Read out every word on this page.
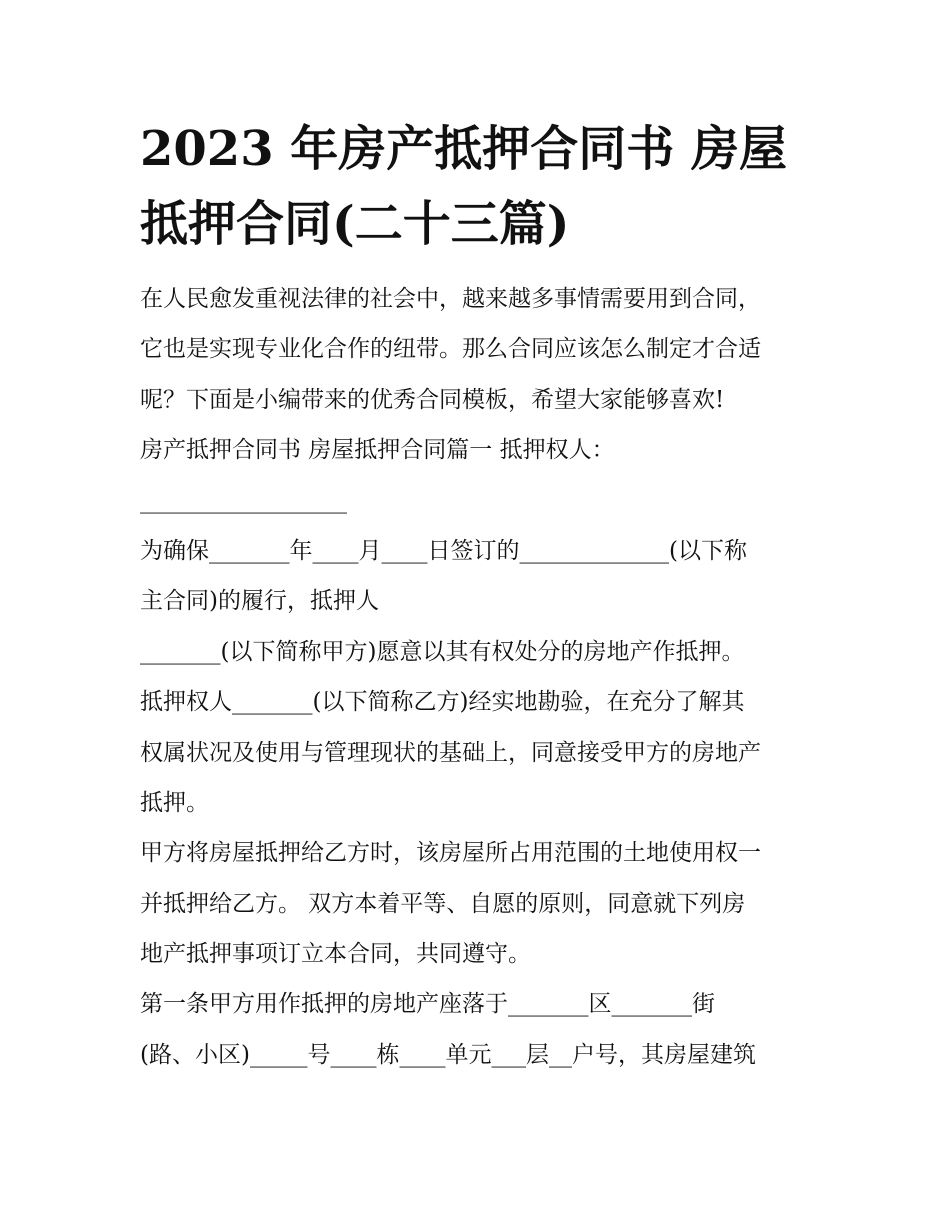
2023 年房产抵押合同书 房屋
抵押合同(二十三篇)
在人民愈发重视法律的社会中，越来越多事情需要用到合同，
它也是实现专业化合作的纽带。那么合同应该怎么制定才合适
呢？下面是小编带来的优秀合同模板，希望大家能够喜欢!
房产抵押合同书 房屋抵押合同篇一 抵押权人：
__________________
为确保_______年____月____日签订的_____________(以下称
主合同)的履行，抵押人
_______(以下简称甲方)愿意以其有权处分的房地产作抵押。
抵押权人_______(以下简称乙方)经实地勘验，在充分了解其
权属状况及使用与管理现状的基础上，同意接受甲方的房地产
抵押。
甲方将房屋抵押给乙方时，该房屋所占用范围的土地使用权一
并抵押给乙方。 双方本着平等、自愿的原则，同意就下列房
地产抵押事项订立本合同，共同遵守。
第一条甲方用作抵押的房地产座落于_______区_______街
(路、小区)_____号____栋____单元___层__户号，其房屋建筑
